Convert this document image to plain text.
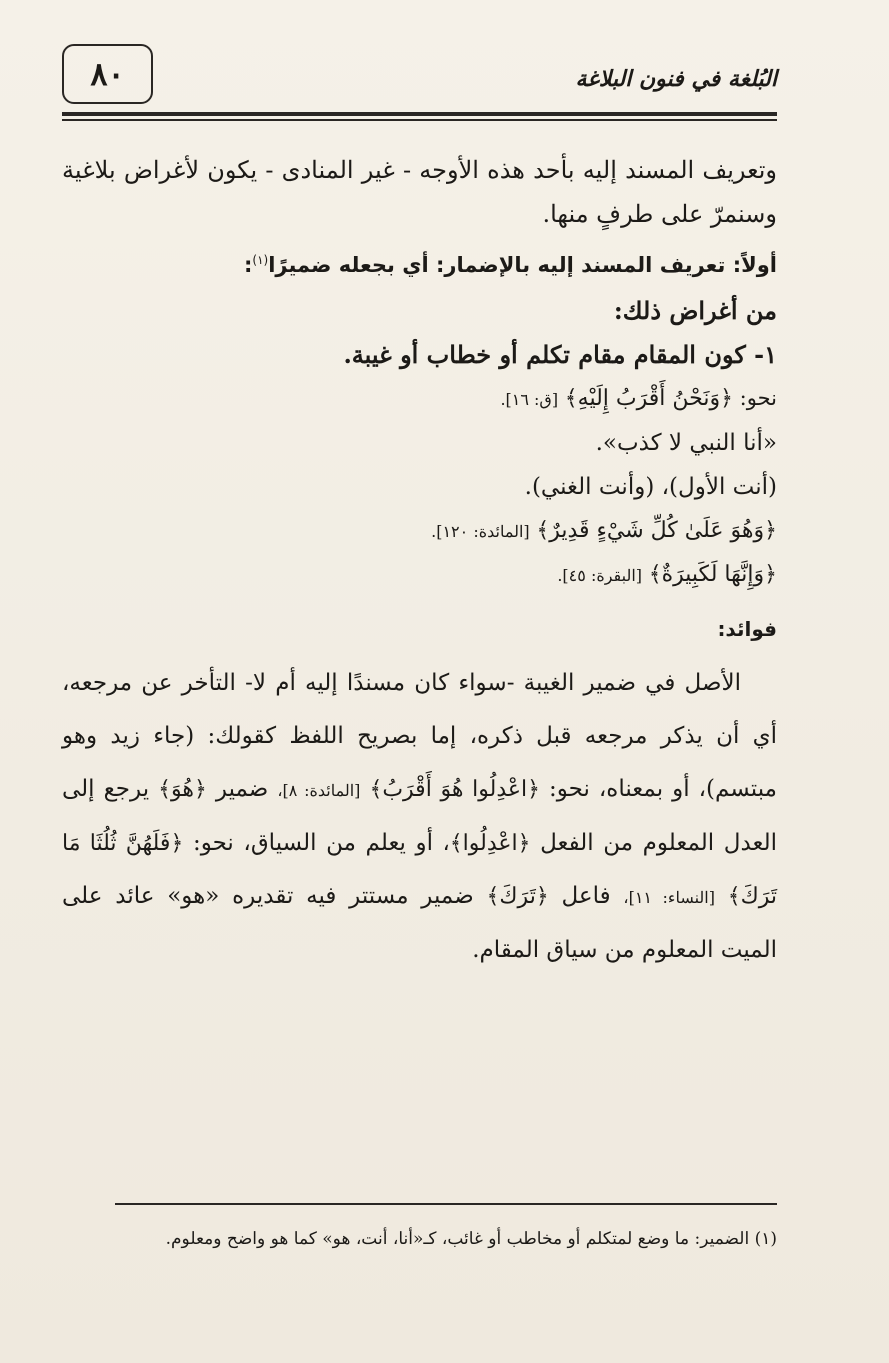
٨٠	البُلغة في فنون البلاغة

وتعريف المسند إليه بأحد هذه الأوجه - غير المنادى - يكون لأغراض بلاغية وسنمرّ على طرفٍ منها.

أولاً: تعريف المسند إليه بالإضمار: أي بجعله ضميرًا$^{(١)}$:

من أغراض ذلك:

١- كون المقام مقام تكلم أو خطاب أو غيبة.

نحو: ﴿وَنَحْنُ أَقْرَبُ إِلَيْهِ﴾ [ق: ١٦].

«أنا النبي لا كذب».

(أنت الأول)، (وأنت الغني).

﴿وَهُوَ عَلَىٰ كُلِّ شَيْءٍ قَدِيرٌ﴾ [المائدة: ١٢٠].

﴿وَإِنَّهَا لَكَبِيرَةٌ﴾ [البقرة: ٤٥].

فوائد:

الأصل في ضمير الغيبة -سواء كان مسندًا إليه أم لا- التأخر عن مرجعه، أي أن يذكر مرجعه قبل ذكره، إما بصريح اللفظ كقولك: (جاء زيد وهو مبتسم)، أو بمعناه، نحو: ﴿اعْدِلُوا هُوَ أَقْرَبُ﴾ [المائدة: ٨]، ضمير ﴿هُوَ﴾ يرجع إلى العدل المعلوم من الفعل ﴿اعْدِلُوا﴾، أو يعلم من السياق، نحو: ﴿فَلَهُنَّ ثُلُثَا مَا تَرَكَ﴾ [النساء: ١١]، فاعل ﴿تَرَكَ﴾ ضمير مستتر فيه تقديره «هو» عائد على الميت المعلوم من سياق المقام.

(١) الضمير: ما وضع لمتكلم أو مخاطب أو غائب، كـ«أنا، أنت، هو» كما هو واضح ومعلوم.
